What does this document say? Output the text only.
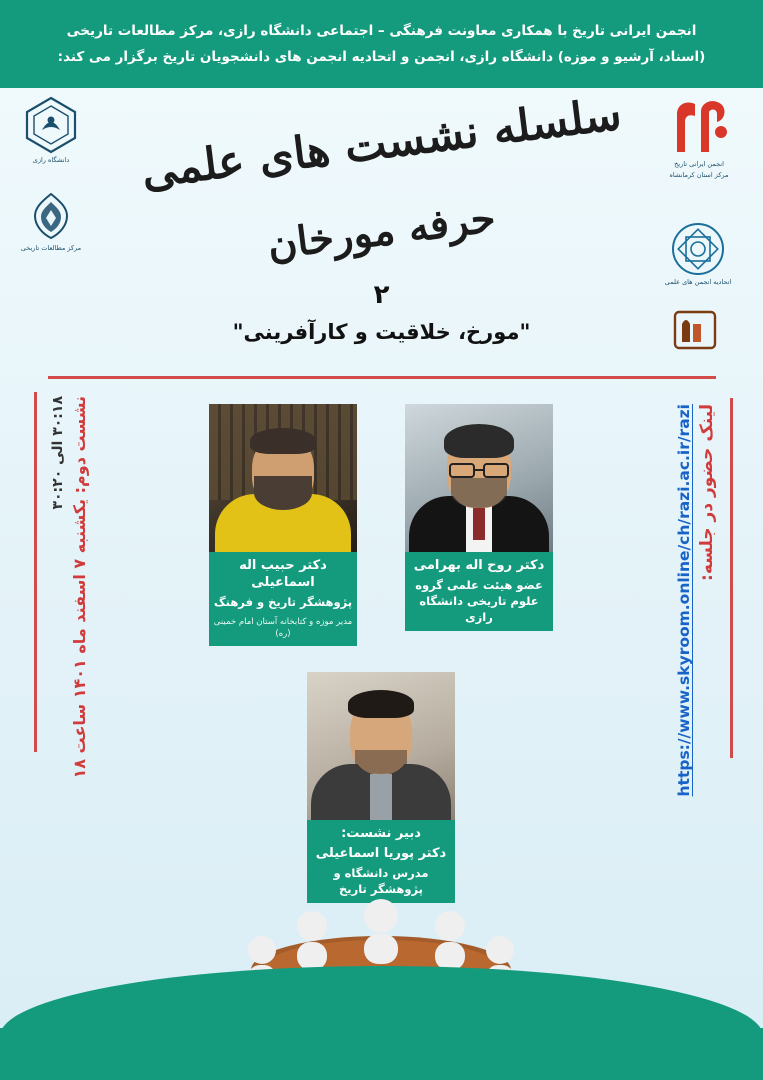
انجمن ایرانی تاریخ با همکاری معاونت فرهنگی – اجتماعی دانشگاه رازی، مرکز مطالعات تاریخی
(اسناد، آرشیو و موزه) دانشگاه رازی، انجمن و اتحادیه انجمن های دانشجویان تاریخ برگزار می کند:
دانشگاه رازی
مرکز مطالعات تاریخی
انجمن ایرانی تاریخ
مرکز استان کرمانشاه
اتحادیه انجمن های علمی
سلسله نشست های علمی
حرفه مورخان
۲
"مورخ، خلاقیت و کارآفرینی"
لینک حضور در جلسه:
https://www.skyroom.online/ch/razi.ac.ir/razi
نشست دوم: یکشنبه ۷ اسفند ماه ۱۴۰۱ ساعت ۱۸
۳۰:۱۸ الی ۳۰:۲۰
دکتر روح اله بهرامی
عضو هیئت علمی گروه علوم تاریخی دانشگاه رازی
دکتر حبیب اله اسماعیلی
پژوهشگر تاریخ و فرهنگ
مدیر موزه و کتابخانه آستان امام خمینی (ره)
دبیر نشست:
دکتر پوریا اسماعیلی
مدرس دانشگاه و پژوهشگر تاریخ
